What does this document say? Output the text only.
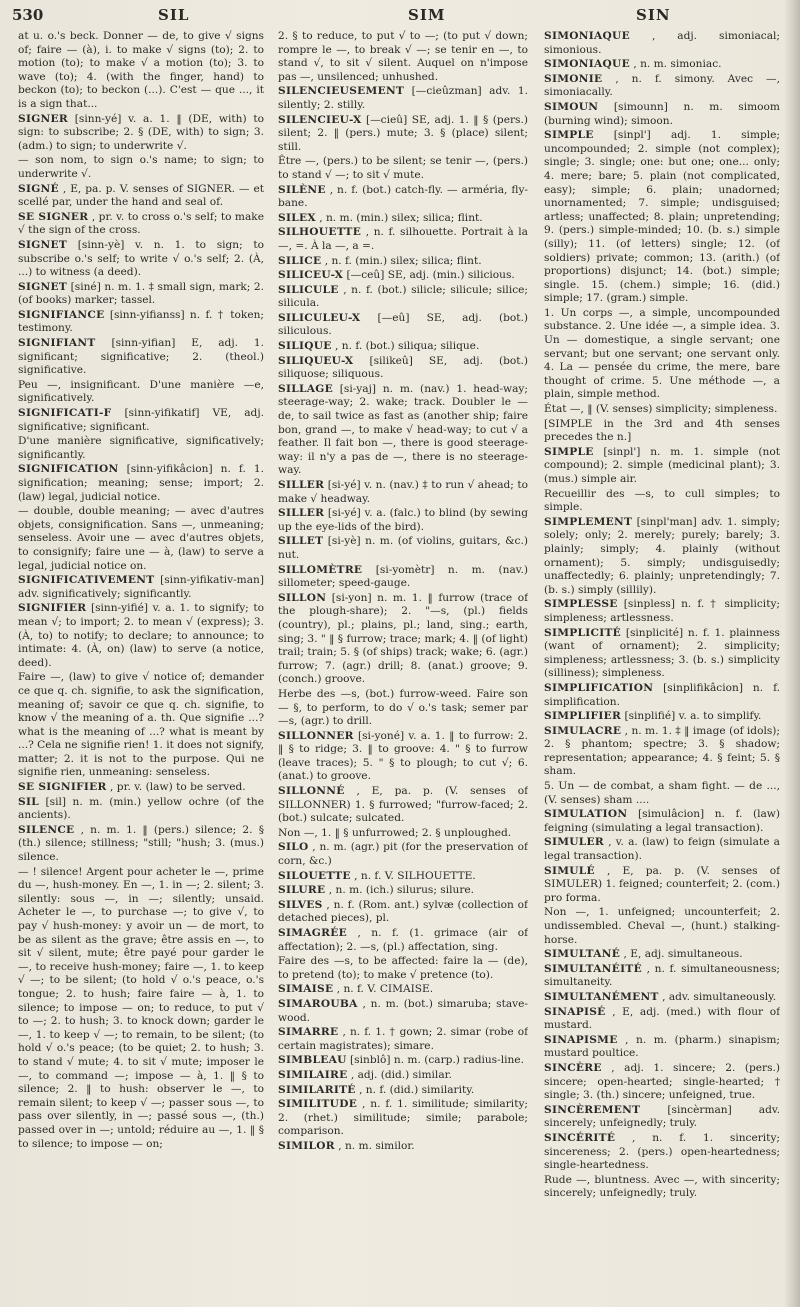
530	SIL	SIM	SIN

at u. o.'s beck. Donner — de, to give √ signs of; faire — (à), i. to make √ signs (to); 2. to motion (to); to make √ a motion (to); 3. to wave (to); 4. (with the finger, hand) to beckon (to); to beckon (...). C'est — que ..., it is a sign that...

SIGNER [sinn-yé] v. a. 1. ‖ (DE, with) to sign: to subscribe; 2. § (DE, with) to sign; 3. (adm.) to sign; to underwrite √.

— son nom, to sign o.'s name; to sign; to underwrite √.

SIGNÉ , E, pa. p. V. senses of SIGNER. — et scellé par, under the hand and seal of.

SE SIGNER , pr. v. to cross o.'s self; to make √ the sign of the cross.

SIGNET [sinn-yè] v. n. 1. to sign; to subscribe o.'s self; to write √ o.'s self; 2. (À, ...) to witness (a deed).

SIGNET [siné] n. m. 1. ‡ small sign, mark; 2. (of books) marker; tassel.

SIGNIFIANCE [sinn-yifianss] n. f. † token; testimony.

SIGNIFIANT [sinn-yifian] E, adj. 1. significant; significative; 2. (theol.) significative.

Peu —, insignificant. D'une manière —e, significatively.

SIGNIFICATI-F [sinn-yifikatif] VE, adj. significative; significant.

D'une manière significative, significatively; significantly.

SIGNIFICATION [sinn-yifikâcion] n. f. 1. signification; meaning; sense; import; 2. (law) legal, judicial notice.

— double, double meaning; — avec d'autres objets, consignification. Sans —, unmeaning; senseless. Avoir une — avec d'autres objets, to consignify; faire une — à, (law) to serve a legal, judicial notice on.

SIGNIFICATIVEMENT [sinn-yifikativ-man] adv. significatively; significantly.

SIGNIFIER [sinn-yifié] v. a. 1. to signify; to mean √; to import; 2. to mean √ (express); 3. (À, to) to notify; to declare; to announce; to intimate: 4. (À, on) (law) to serve (a notice, deed).

Faire —, (law) to give √ notice of; demander ce que q. ch. signifie, to ask the signification, meaning of; savoir ce que q. ch. signifie, to know √ the meaning of a. th. Que signifie ...? what is the meaning of ...? what is meant by ...? Cela ne signifie rien! 1. it does not signify, matter; 2. it is not to the purpose. Qui ne signifie rien, unmeaning: senseless.

SE SIGNIFIER , pr. v. (law) to be served.

SIL [sil] n. m. (min.) yellow ochre (of the ancients).

SILENCE , n. m. 1. ‖ (pers.) silence; 2. § (th.) silence; stillness; "still; "hush; 3. (mus.) silence.

— ! silence! Argent pour acheter le —, prime du —, hush-money. En —, 1. in —; 2. silent; 3. silently: sous —, in —; silently; unsaid. Acheter le —, to purchase —; to give √, to pay √ hush-money: y avoir un — de mort, to be as silent as the grave; être assis en —, to sit √ silent, mute; être payé pour garder le —, to receive hush-money; faire —, 1. to keep √ —; to be silent; (to hold √ o.'s peace, o.'s tongue; 2. to hush; faire faire — à, 1. to silence; to impose — on; to reduce, to put √ to —; 2. to hush; 3. to knock down; garder le —, 1. to keep √ —; to remain, to be silent; (to hold √ o.'s peace; (to be quiet; 2. to hush; 3. to stand √ mute; 4. to sit √ mute; imposer le —, to command —; impose — à, 1. ‖ § to silence; 2. ‖ to hush: observer le —, to remain silent; to keep √ —; passer sous —, to pass over silently, in —; passé sous —, (th.) passed over in —; untold; réduire au —, 1. ‖ § to silence; to impose — on;

2. § to reduce, to put √ to —; (to put √ down; rompre le —, to break √ —; se tenir en —, to stand √, to sit √ silent. Auquel on n'impose pas —, unsilenced; unhushed.

SILENCIEUSEMENT [—cieûzman] adv. 1. silently; 2. stilly.

SILENCIEU-X [—cieû] SE, adj. 1. ‖ § (pers.) silent; 2. ‖ (pers.) mute; 3. § (place) silent; still.

Être —, (pers.) to be silent; se tenir —, (pers.) to stand √ —; to sit √ mute.

SILÈNE , n. f. (bot.) catch-fly. — arméria, fly-bane.

SILEX , n. m. (min.) silex; silica; flint.

SILHOUETTE , n. f. silhouette. Portrait à la —, =. À la —, a =.

SILICE , n. f. (min.) silex; silica; flint.

SILICEU-X [—ceû] SE, adj. (min.) silicious.

SILICULE , n. f. (bot.) silicle; silicule; silice; silicula.

SILICULEU-X [—eû] SE, adj. (bot.) siliculous.

SILIQUE , n. f. (bot.) siliqua; silique.

SILIQUEU-X [silikeû] SE, adj. (bot.) siliquose; siliquous.

SILLAGE [si-yaj] n. m. (nav.) 1. head-way; steerage-way; 2. wake; track. Doubler le — de, to sail twice as fast as (another ship; faire bon, grand —, to make √ head-way; to cut √ a feather. Il fait bon —, there is good steerage-way: il n'y a pas de —, there is no steerage-way.

SILLER [si-yé] v. n. (nav.) ‡ to run √ ahead; to make √ headway.

SILLER [si-yé] v. a. (falc.) to blind (by sewing up the eye-lids of the bird).

SILLET [si-yè] n. m. (of violins, guitars, &c.) nut.

SILLOMÈTRE [si-yomètr] n. m. (nav.) sillometer; speed-gauge.

SILLON [si-yon] n. m. 1. ‖ furrow (trace of the plough-share); 2. "—s, (pl.) fields (country), pl.; plains, pl.; land, sing.; earth, sing; 3. " ‖ § furrow; trace; mark; 4. ‖ (of light) trail; train; 5. § (of ships) track; wake; 6. (agr.) furrow; 7. (agr.) drill; 8. (anat.) groove; 9. (conch.) groove.

Herbe des —s, (bot.) furrow-weed. Faire son — §, to perform, to do √ o.'s task; semer par —s, (agr.) to drill.

SILLONNER [si-yoné] v. a. 1. ‖ to furrow: 2. ‖ § to ridge; 3. ‖ to groove: 4. " § to furrow (leave traces); 5. " § to plough; to cut √; 6. (anat.) to groove.

SILLONNÉ , E, pa. p. (V. senses of SILLONNER) 1. § furrowed; "furrow-faced; 2. (bot.) sulcate; sulcated.

Non —, 1. ‖ § unfurrowed; 2. § unploughed.

SILO , n. m. (agr.) pit (for the preservation of corn, &c.)

SILOUETTE , n. f. V. SILHOUETTE.

SILURE , n. m. (ich.) silurus; silure.

SILVES , n. f. (Rom. ant.) sylvæ (collection of detached pieces), pl.

SIMAGRÉE , n. f. (1. grimace (air of affectation); 2. —s, (pl.) affectation, sing.

Faire des —s, to be affected: faire la — (de), to pretend (to); to make √ pretence (to).

SIMAISE , n. f. V. CIMAISE.

SIMAROUBA , n. m. (bot.) simaruba; stave-wood.

SIMARRE , n. f. 1. † gown; 2. simar (robe of certain magistrates); simare.

SIMBLEAU [sinblô] n. m. (carp.) radius-line.

SIMILAIRE , adj. (did.) similar.

SIMILARITÉ , n. f. (did.) similarity.

SIMILITUDE , n. f. 1. similitude; similarity; 2. (rhet.) similitude; simile; parabole; comparison.

SIMILOR , n. m. similor.

SIMONIAQUE , adj. simoniacal; simonious.

SIMONIAQUE , n. m. simoniac.

SIMONIE , n. f. simony. Avec —, simoniacally.

SIMOUN [simounn] n. m. simoom (burning wind); simoon.

SIMPLE [sinpl'] adj. 1. simple; uncompounded; 2. simple (not complex); single; 3. single; one: but one; one... only; 4. mere; bare; 5. plain (not complicated, easy); simple; 6. plain; unadorned; unornamented; 7. simple; undisguised; artless; unaffected; 8. plain; unpretending; 9. (pers.) simple-minded; 10. (b. s.) simple (silly); 11. (of letters) single; 12. (of soldiers) private; common; 13. (arith.) (of proportions) disjunct; 14. (bot.) simple; single. 15. (chem.) simple; 16. (did.) simple; 17. (gram.) simple.

1. Un corps —, a simple, uncompounded substance. 2. Une idée —, a simple idea. 3. Un — domestique, a single servant; one servant; but one servant; one servant only. 4. La — pensée du crime, the mere, bare thought of crime. 5. Une méthode —, a plain, simple method.

État —, ‖ (V. senses) simplicity; simpleness.

[SIMPLE in the 3rd and 4th senses precedes the n.]

SIMPLE [sinpl'] n. m. 1. simple (not compound); 2. simple (medicinal plant); 3. (mus.) simple air.

Recueillir des —s, to cull simples; to simple.

SIMPLEMENT [sinpl'man] adv. 1. simply; solely; only; 2. merely; purely; barely; 3. plainly; simply; 4. plainly (without ornament); 5. simply; undisguisedly; unaffectedly; 6. plainly; unpretendingly; 7. (b. s.) simply (sillily).

SIMPLESSE [sinpless] n. f. † simplicity; simpleness; artlessness.

SIMPLICITÉ [sinplicité] n. f. 1. plainness (want of ornament); 2. simplicity; simpleness; artlessness; 3. (b. s.) simplicity (silliness); simpleness.

SIMPLIFICATION [sinplifikâcion] n. f. simplification.

SIMPLIFIER [sinplifié] v. a. to simplify.

SIMULACRE , n. m. 1. ‡ ‖ image (of idols); 2. § phantom; spectre; 3. § shadow; representation; appearance; 4. § feint; 5. § sham.

5. Un — de combat, a sham fight. — de ..., (V. senses) sham ....

SIMULATION [simulâcion] n. f. (law) feigning (simulating a legal transaction).

SIMULER , v. a. (law) to feign (simulate a legal transaction).

SIMULÉ , E, pa. p. (V. senses of SIMULER) 1. feigned; counterfeit; 2. (com.) pro forma.

Non —, 1. unfeigned; uncounterfeit; 2. undissembled. Cheval —, (hunt.) stalking-horse.

SIMULTANÉ , E, adj. simultaneous.

SIMULTANÉITÉ , n. f. simultaneousness; simultaneity.

SIMULTANÉMENT , adv. simultaneously.

SINAPISÉ , E, adj. (med.) with flour of mustard.

SINAPISME , n. m. (pharm.) sinapism; mustard poultice.

SINCÈRE , adj. 1. sincere; 2. (pers.) sincere; open-hearted; single-hearted; † single; 3. (th.) sincere; unfeigned, true.

SINCÈREMENT	[sincèrman] adv. sincerely; unfeignedly; truly.

SINCÉRITÉ , n. f. 1. sincerity; sincereness; 2. (pers.) open-heartedness; single-heartedness.

Rude —, bluntness. Avec —, with sincerity; sincerely; unfeignedly; truly.
